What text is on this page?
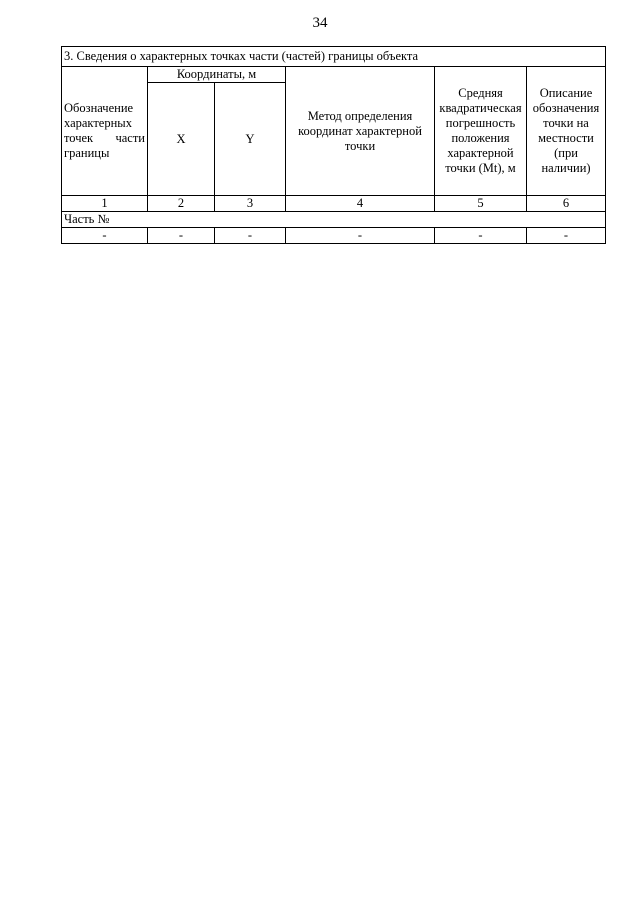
34
3. Сведения о характерных точках части (частей) границы объекта					
Обозначение характерных точек части границы	Координаты, м		Метод определения координат характерной точки	Средняя квадратическая погрешность положения характерной точки (Mt), м	Описание обозначения точки на местности (при наличии)
	X	Y			
1	2	3	4	5	6
Часть №					
-	-	-	-	-	-
